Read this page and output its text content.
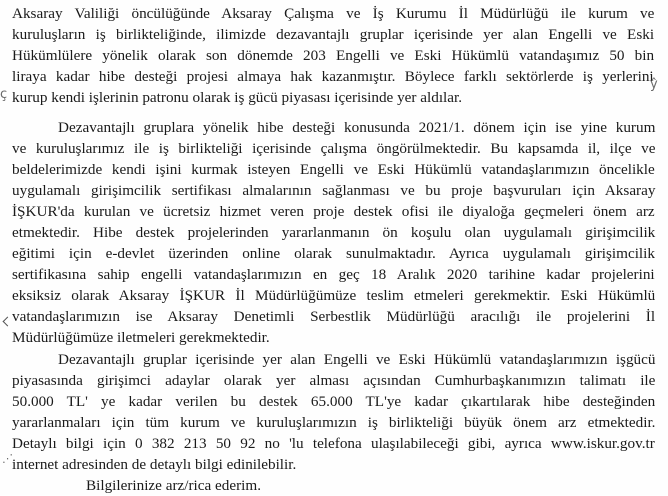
Aksaray Valiliği öncülüğünde Aksaray Çalışma ve İş Kurumu İl Müdürlüğü ile kurum ve
kuruluşların iş birlikteliğinde, ilimizde dezavantajlı gruplar içerisinde yer alan Engelli ve Eski
Hükümlülere yönelik olarak son dönemde 203 Engelli ve Eski Hükümlü vatandaşımız 50 bin
liraya kadar hibe desteği projesi almaya hak kazanmıştır. Böylece farklı sektörlerde iş yerlerini
kurup kendi işlerinin patronu olarak iş gücü piyasası içerisinde yer aldılar.
Dezavantajlı gruplara yönelik hibe desteği konusunda 2021/1. dönem için ise yine kurum
ve kuruluşlarımız ile iş birlikteliği içerisinde çalışma öngörülmektedir. Bu kapsamda il, ilçe ve
beldelerimizde kendi işini kurmak isteyen Engelli ve Eski Hükümlü vatandaşlarımızın öncelikle
uygulamalı girişimcilik sertifikası almalarının sağlanması ve bu proje başvuruları için Aksaray
İŞKUR'da kurulan ve ücretsiz hizmet veren proje destek ofisi ile diyaloğa geçmeleri önem arz
etmektedir. Hibe destek projelerinden yararlanmanın ön koşulu olan uygulamalı girişimcilik
eğitimi için e-devlet üzerinden online olarak sunulmaktadır. Ayrıca uygulamalı girişimcilik
sertifikasına sahip engelli vatandaşlarımızın en geç 18 Aralık 2020 tarihine kadar projelerini
eksiksiz olarak Aksaray İŞKUR İl Müdürlüğümüze teslim etmeleri gerekmektir. Eski Hükümlü
vatandaşlarımızın ise Aksaray Denetimli Serbestlik Müdürlüğü aracılığı ile projelerini İl
Müdürlüğümüze iletmeleri gerekmektedir.
Dezavantajlı gruplar içerisinde yer alan Engelli ve Eski Hükümlü vatandaşlarımızın işgücü
piyasasında girişimci adaylar olarak yer alması açısından Cumhurbaşkanımızın talimatı ile
50.000 TL' ye kadar verilen bu destek 65.000 TL'ye kadar çıkartılarak hibe desteğinden
yararlanmaları için tüm kurum ve kuruluşlarımızın iş birlikteliği büyük önem arz etmektedir.
Detaylı bilgi için 0 382 213 50 92 no 'lu telefona ulaşılabileceği gibi, ayrıca www.iskur.gov.tr
internet adresinden de detaylı bilgi edinilebilir.
Bilgilerinize arz/rica ederim.
ç
ŷ
⋰
